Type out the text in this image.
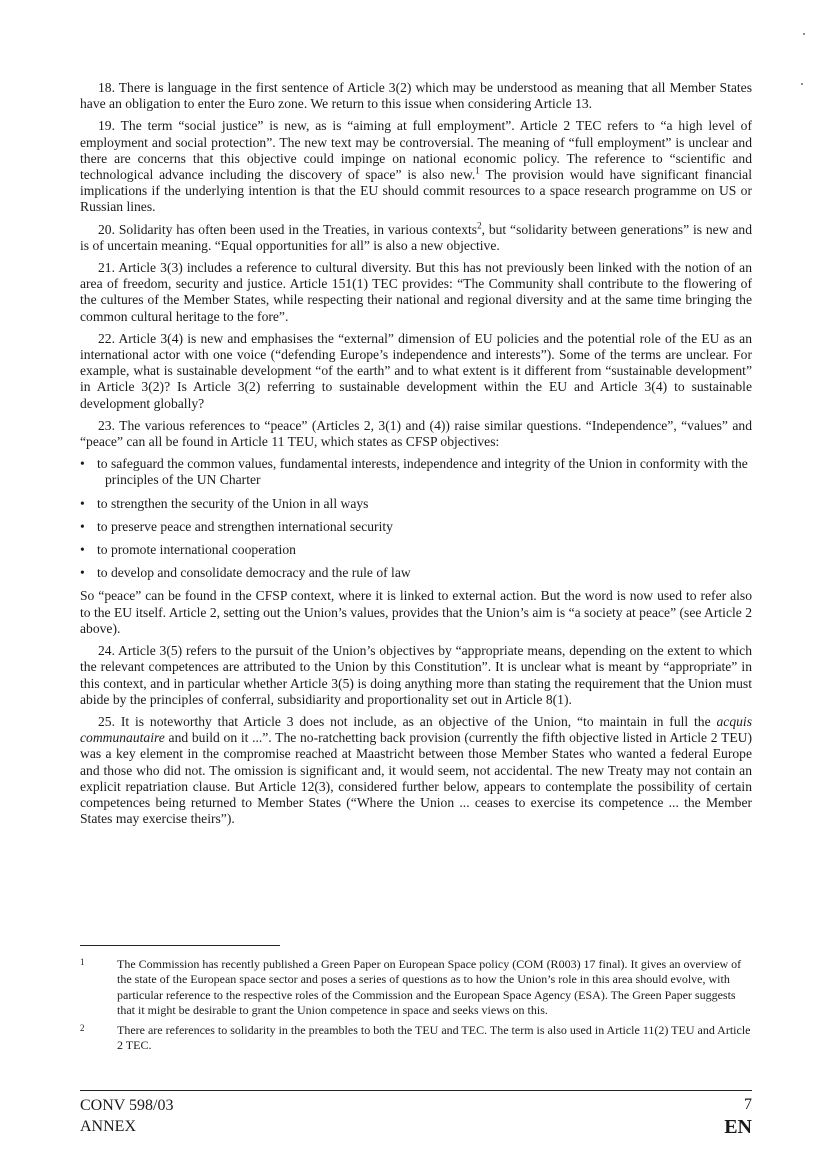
18. There is language in the first sentence of Article 3(2) which may be understood as meaning that all Member States have an obligation to enter the Euro zone. We return to this issue when considering Article 13.

19. The term “social justice” is new, as is “aiming at full employment”. Article 2 TEC refers to “a high level of employment and social protection”. The new text may be controversial. The meaning of “full employment” is unclear and there are concerns that this objective could impinge on national economic policy. The reference to “scientific and technological advance including the discovery of space” is also new.$^1$ The provision would have significant financial implications if the underlying intention is that the EU should commit resources to a space research programme on US or Russian lines.

20. Solidarity has often been used in the Treaties, in various contexts$^2$, but “solidarity between generations” is new and is of uncertain meaning. “Equal opportunities for all” is also a new objective.

21. Article 3(3) includes a reference to cultural diversity. But this has not previously been linked with the notion of an area of freedom, security and justice. Article 151(1) TEC provides: “The Community shall contribute to the flowering of the cultures of the Member States, while respecting their national and regional diversity and at the same time bringing the common cultural heritage to the fore”.

22. Article 3(4) is new and emphasises the “external” dimension of EU policies and the potential role of the EU as an international actor with one voice (“defending Europe’s independence and interests”). Some of the terms are unclear. For example, what is sustainable development “of the earth” and to what extent is it different from “sustainable development” in Article 3(2)? Is Article 3(2) referring to sustainable development within the EU and Article 3(4) to sustainable development globally?

23. The various references to “peace” (Articles 2, 3(1) and (4)) raise similar questions. “Independence”, “values” and “peace” can all be found in Article 11 TEU, which states as CFSP objectives:

• to safeguard the common values, fundamental interests, independence and integrity of the Union in conformity with the principles of the UN Charter
• to strengthen the security of the Union in all ways
• to preserve peace and strengthen international security
• to promote international cooperation
• to develop and consolidate democracy and the rule of law

So “peace” can be found in the CFSP context, where it is linked to external action. But the word is now used to refer also to the EU itself. Article 2, setting out the Union’s values, provides that the Union’s aim is “a society at peace” (see Article 2 above).

24. Article 3(5) refers to the pursuit of the Union’s objectives by “appropriate means, depending on the extent to which the relevant competences are attributed to the Union by this Constitution”. It is unclear what is meant by “appropriate” in this context, and in particular whether Article 3(5) is doing anything more than stating the requirement that the Union must abide by the principles of conferral, subsidiarity and proportionality set out in Article 8(1).

25. It is noteworthy that Article 3 does not include, as an objective of the Union, “to maintain in full the acquis communautaire and build on it ...”. The no-ratchetting back provision (currently the fifth objective listed in Article 2 TEU) was a key element in the compromise reached at Maastricht between those Member States who wanted a federal Europe and those who did not. The omission is significant and, it would seem, not accidental. The new Treaty may not contain an explicit repatriation clause. But Article 12(3), considered further below, appears to contemplate the possibility of certain competences being returned to Member States (“Where the Union ... ceases to exercise its competence ... the Member States may exercise theirs”).

1	The Commission has recently published a Green Paper on European Space policy (COM (R003) 17 final). It gives an overview of the state of the European space sector and poses a series of questions as to how the Union’s role in this area should evolve, with particular reference to the respective roles of the Commission and the European Space Agency (ESA). The Green Paper suggests that it might be desirable to grant the Union competence in space and seeks views on this.
2	There are references to solidarity in the preambles to both the TEU and TEC. The term is also used in Article 11(2) TEU and Article 2 TEC.
CONV 598/03
ANNEX
7
EN
